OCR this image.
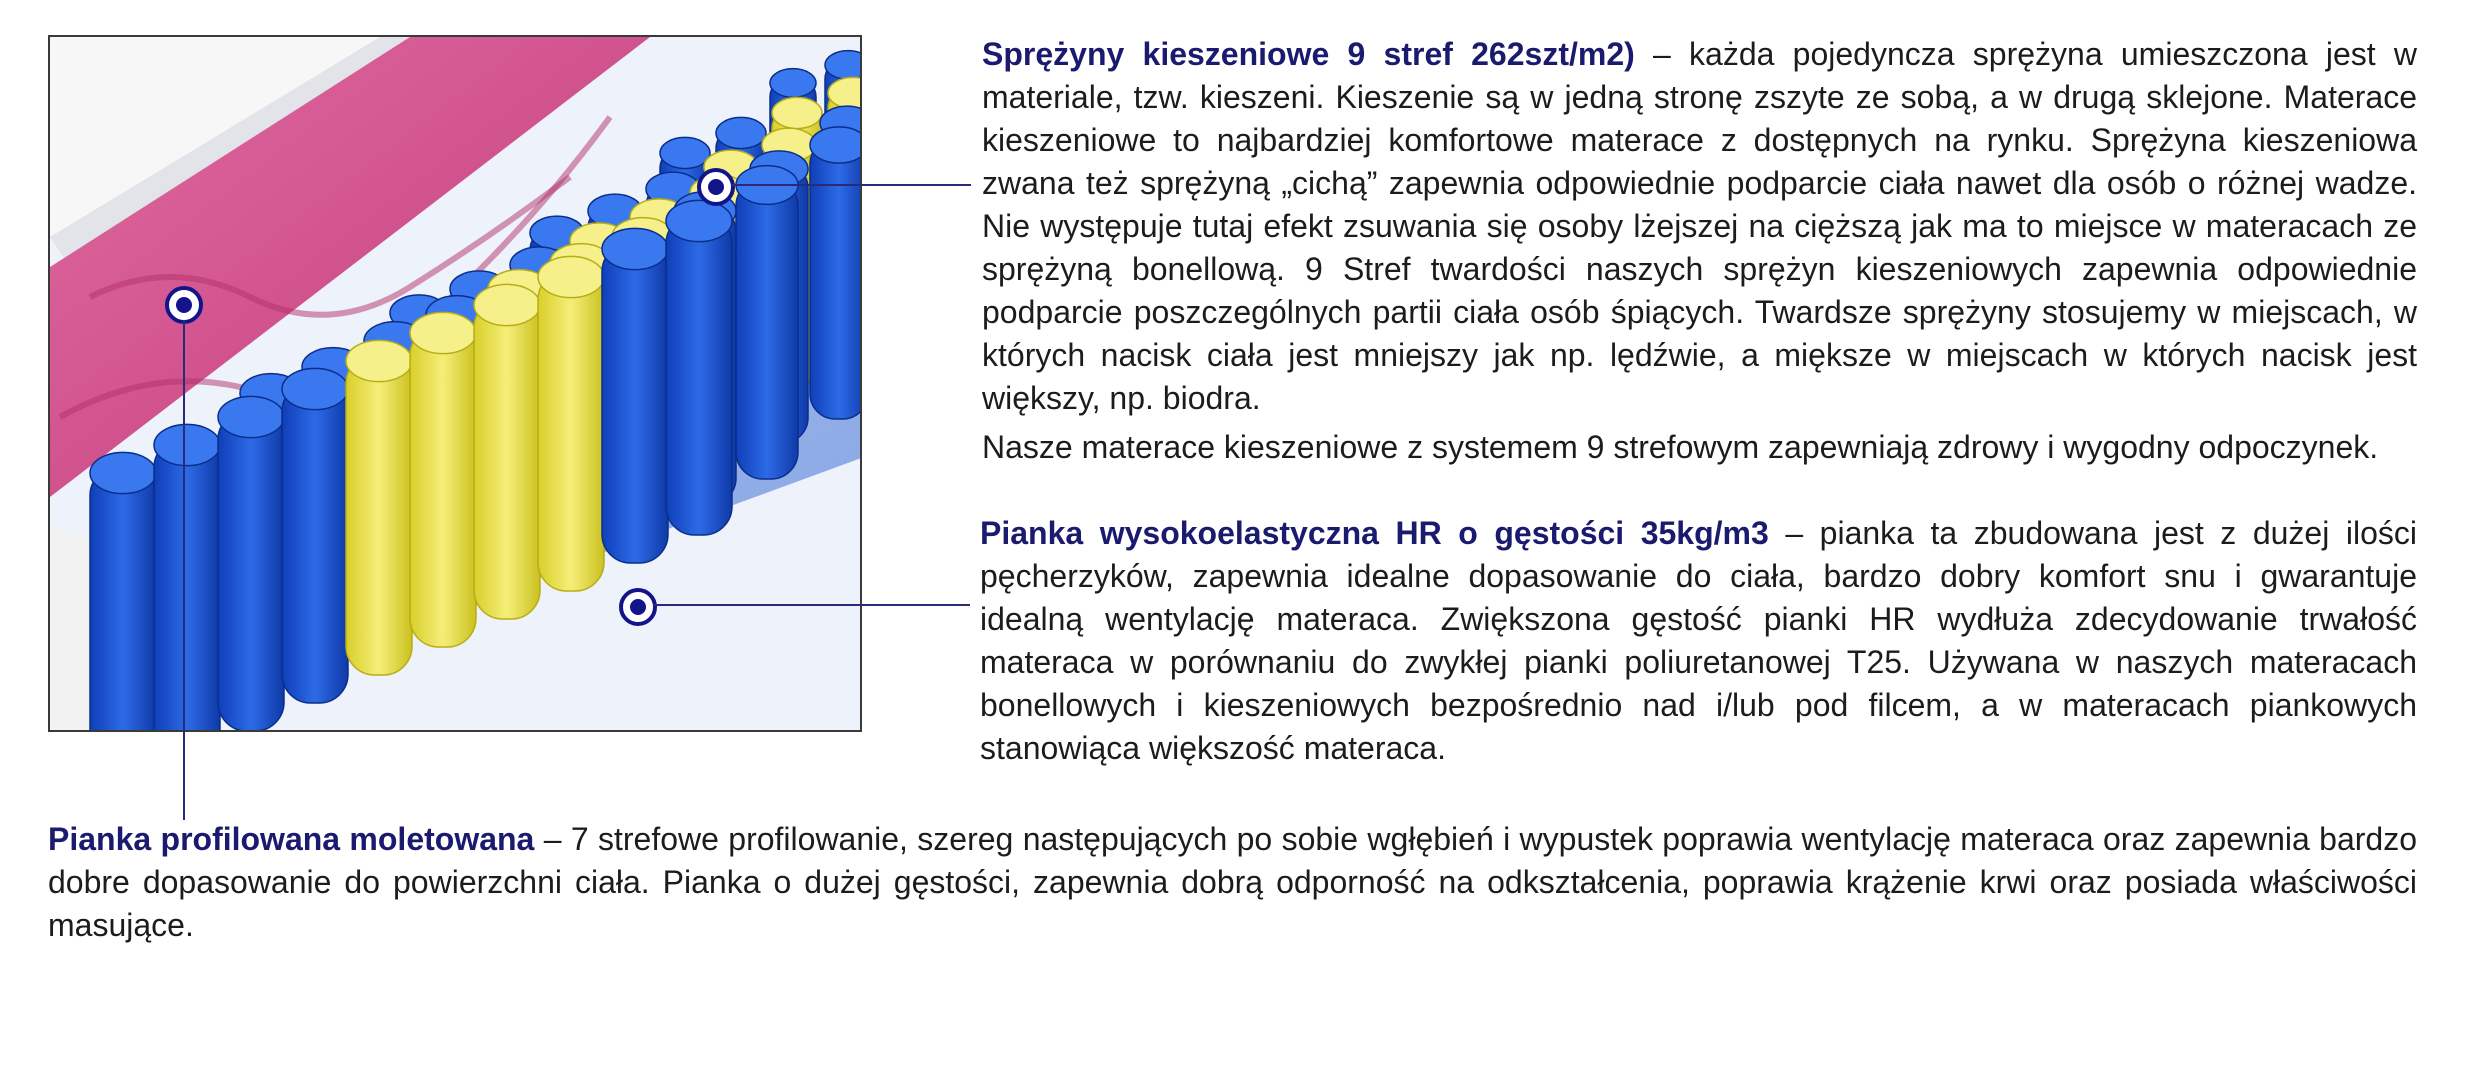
Sprężyny kieszeniowe 9 stref 262szt/m2) – każda pojedyncza sprężyna umieszczona jest w materiale, tzw. kieszeni. Kieszenie są w jedną stronę zszyte ze sobą, a w drugą sklejone. Materace kieszeniowe to najbardziej komfortowe materace z dostępnych na rynku. Sprężyna kieszeniowa zwana też sprężyną „cichą” zapewnia odpowiednie podparcie ciała nawet dla osób o różnej wadze. Nie występuje tutaj efekt zsuwania się osoby lżejszej na cięższą jak ma to miejsce w materacach ze sprężyną bonellową. 9 Stref twardości naszych sprężyn kieszeniowych zapewnia odpowiednie podparcie poszczególnych partii ciała osób śpiących. Twardsze sprężyny stosujemy w miejscach, w których nacisk ciała jest mniejszy jak np. lędźwie, a miększe w miejscach w których nacisk jest większy, np. biodra.

Nasze materace kieszeniowe z systemem 9 strefowym zapewniają zdrowy i wygodny odpoczynek.

Pianka wysokoelastyczna HR o gęstości 35kg/m3 – pianka ta zbudowana jest z dużej ilości pęcherzyków, zapewnia idealne dopasowanie do ciała, bardzo dobry komfort snu i gwarantuje idealną wentylację materaca. Zwiększona gęstość pianki HR wydłuża zdecydowanie trwałość materaca w porównaniu do zwykłej pianki poliuretanowej T25. Używana w naszych materacach bonellowych i kieszeniowych bezpośrednio nad i/lub pod filcem, a w materacach piankowych stanowiąca większość materaca.

Pianka profilowana moletowana – 7 strefowe profilowanie, szereg następujących po sobie wgłębień i wypustek poprawia wentylację materaca oraz zapewnia bardzo dobre dopasowanie do powierzchni ciała. Pianka o dużej gęstości, zapewnia dobrą odporność na odkształcenia, poprawia krążenie krwi oraz posiada właściwości masujące.
